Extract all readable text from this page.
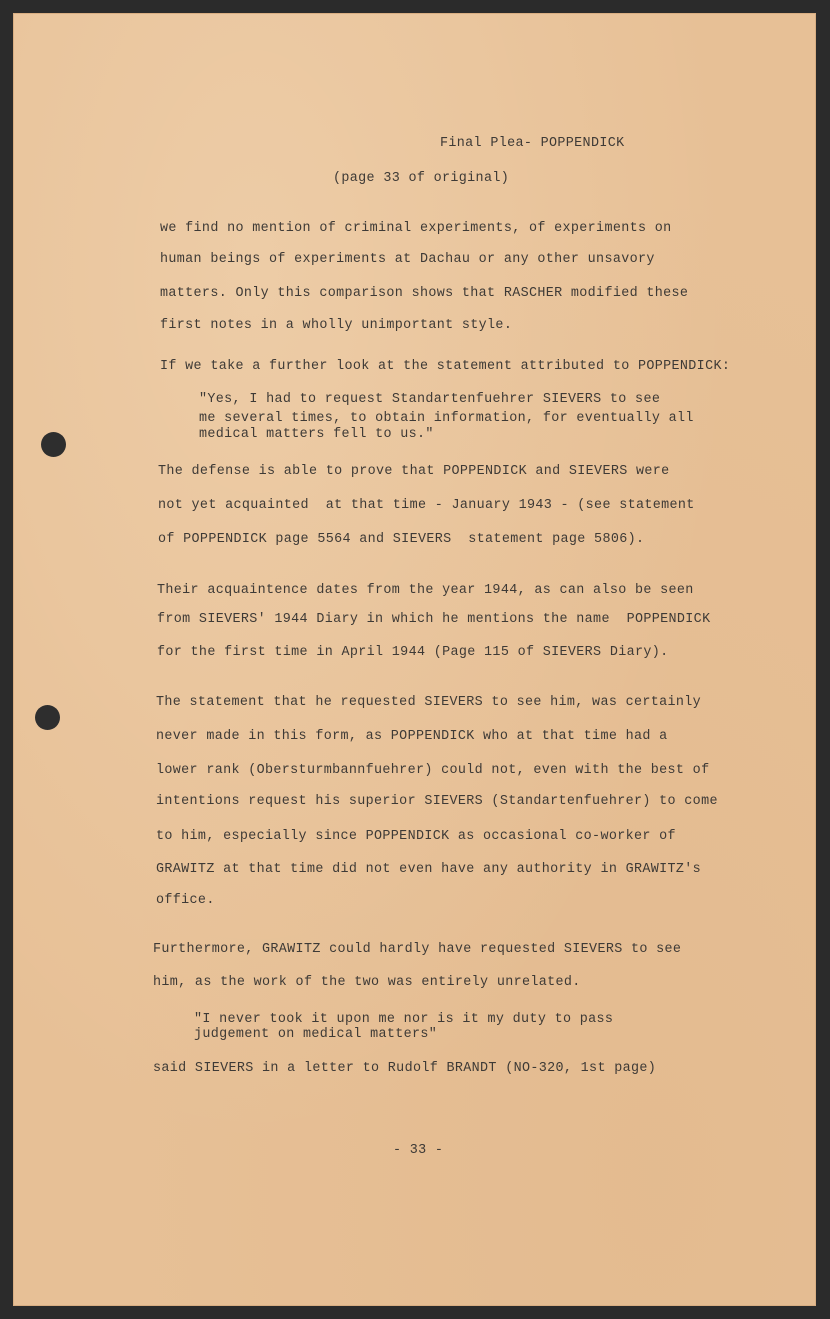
Final Plea- POPPENDICK
(page 33 of original)
we find no mention of criminal experiments, of experiments on
human beings of experiments at Dachau or any other unsavory
matters. Only this comparison shows that RASCHER modified these
first notes in a wholly unimportant style.
If we take a further look at the statement attributed to POPPENDICK:
"Yes, I had to request Standartenfuehrer SIEVERS to see
me several times, to obtain information, for eventually all
medical matters fell to us."
The defense is able to prove that POPPENDICK and SIEVERS were
not yet acquainted  at that time - January 1943 - (see statement
of POPPENDICK page 5564 and SIEVERS  statement page 5806).
Their acquaintence dates from the year 1944, as can also be seen
from SIEVERS' 1944 Diary in which he mentions the name  POPPENDICK
for the first time in April 1944 (Page 115 of SIEVERS Diary).
The statement that he requested SIEVERS to see him, was certainly
never made in this form, as POPPENDICK who at that time had a
lower rank (Obersturmbannfuehrer) could not, even with the best of
intentions request his superior SIEVERS (Standartenfuehrer) to come
to him, especially since POPPENDICK as occasional co-worker of
GRAWITZ at that time did not even have any authority in GRAWITZ's
office.
Furthermore, GRAWITZ could hardly have requested SIEVERS to see
him, as the work of the two was entirely unrelated.
"I never took it upon me nor is it my duty to pass
judgement on medical matters"
said SIEVERS in a letter to Rudolf BRANDT (NO-320, 1st page)
- 33 -
